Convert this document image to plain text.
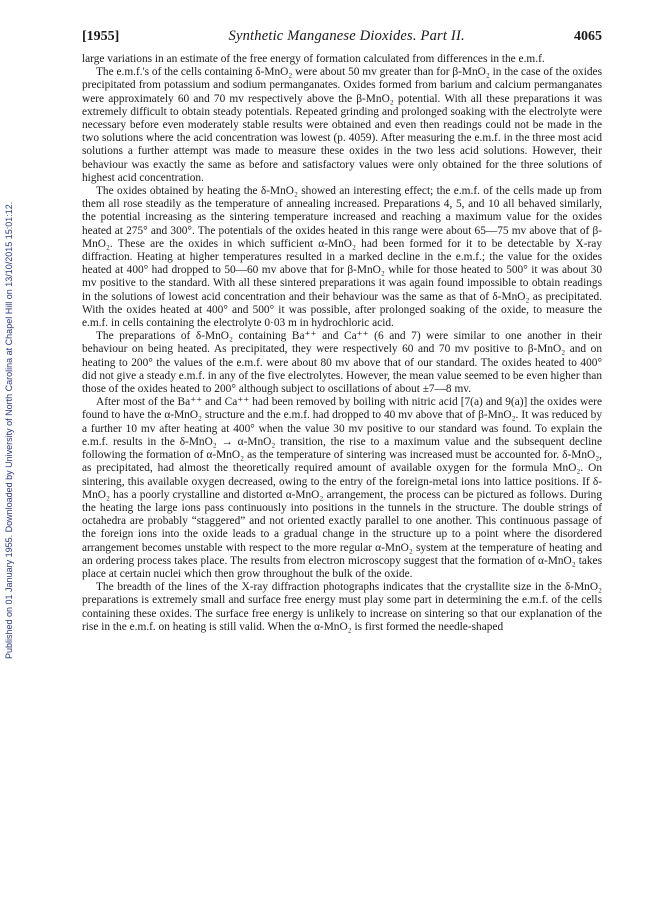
Published on 01 January 1955. Downloaded by University of North Carolina at Chapel Hill on 13/10/2015 15:01:12.
[1955]	Synthetic Manganese Dioxides. Part II.	4065

large variations in an estimate of the free energy of formation calculated from differences in the e.m.f.

The e.m.f.'s of the cells containing δ-MnO₂ were about 50 mv greater than for β-MnO₂ in the case of the oxides precipitated from potassium and sodium permanganates. Oxides formed from barium and calcium permanganates were approximately 60 and 70 mv respectively above the β-MnO₂ potential. With all these preparations it was extremely difficult to obtain steady potentials. Repeated grinding and prolonged soaking with the electrolyte were necessary before even moderately stable results were obtained and even then readings could not be made in the two solutions where the acid concentration was lowest (p. 4059). After measuring the e.m.f. in the three most acid solutions a further attempt was made to measure these oxides in the two less acid solutions. However, their behaviour was exactly the same as before and satisfactory values were only obtained for the three solutions of highest acid concentration.

The oxides obtained by heating the δ-MnO₂ showed an interesting effect; the e.m.f. of the cells made up from them all rose steadily as the temperature of annealing increased. Preparations 4, 5, and 10 all behaved similarly, the potential increasing as the sintering temperature increased and reaching a maximum value for the oxides heated at 275° and 300°. The potentials of the oxides heated in this range were about 65—75 mv above that of β-MnO₂. These are the oxides in which sufficient α-MnO₂ had been formed for it to be detectable by X-ray diffraction. Heating at higher temperatures resulted in a marked decline in the e.m.f.; the value for the oxides heated at 400° had dropped to 50—60 mv above that for β-MnO₂ while for those heated to 500° it was about 30 mv positive to the standard. With all these sintered preparations it was again found impossible to obtain readings in the solutions of lowest acid concentration and their behaviour was the same as that of δ-MnO₂ as precipitated. With the oxides heated at 400° and 500° it was possible, after prolonged soaking of the oxide, to measure the e.m.f. in cells containing the electrolyte 0·03 m in hydrochloric acid.

The preparations of δ-MnO₂ containing Ba⁺⁺ and Ca⁺⁺ (6 and 7) were similar to one another in their behaviour on being heated. As precipitated, they were respectively 60 and 70 mv positive to β-MnO₂ and on heating to 200° the values of the e.m.f. were about 80 mv above that of our standard. The oxides heated to 400° did not give a steady e.m.f. in any of the five electrolytes. However, the mean value seemed to be even higher than those of the oxides heated to 200° although subject to oscillations of about ±7—8 mv.

After most of the Ba⁺⁺ and Ca⁺⁺ had been removed by boiling with nitric acid [7(a) and 9(a)] the oxides were found to have the α-MnO₂ structure and the e.m.f. had dropped to 40 mv above that of β-MnO₂. It was reduced by a further 10 mv after heating at 400° when the value 30 mv positive to our standard was found. To explain the e.m.f. results in the δ-MnO₂ → α-MnO₂ transition, the rise to a maximum value and the subsequent decline following the formation of α-MnO₂ as the temperature of sintering was increased must be accounted for. δ-MnO₂, as precipitated, had almost the theoretically required amount of available oxygen for the formula MnO₂. On sintering, this available oxygen decreased, owing to the entry of the foreign-metal ions into lattice positions. If δ-MnO₂ has a poorly crystalline and distorted α-MnO₂ arrangement, the process can be pictured as follows. During the heating the large ions pass continuously into positions in the tunnels in the structure. The double strings of octahedra are probably “staggered” and not oriented exactly parallel to one another. This continuous passage of the foreign ions into the oxide leads to a gradual change in the structure up to a point where the disordered arrangement becomes unstable with respect to the more regular α-MnO₂ system at the temperature of heating and an ordering process takes place. The results from electron microscopy suggest that the formation of α-MnO₂ takes place at certain nuclei which then grow throughout the bulk of the oxide.

The breadth of the lines of the X-ray diffraction photographs indicates that the crystallite size in the δ-MnO₂ preparations is extremely small and surface free energy must play some part in determining the e.m.f. of the cells containing these oxides. The surface free energy is unlikely to increase on sintering so that our explanation of the rise in the e.m.f. on heating is still valid. When the α-MnO₂ is first formed the needle-shaped
